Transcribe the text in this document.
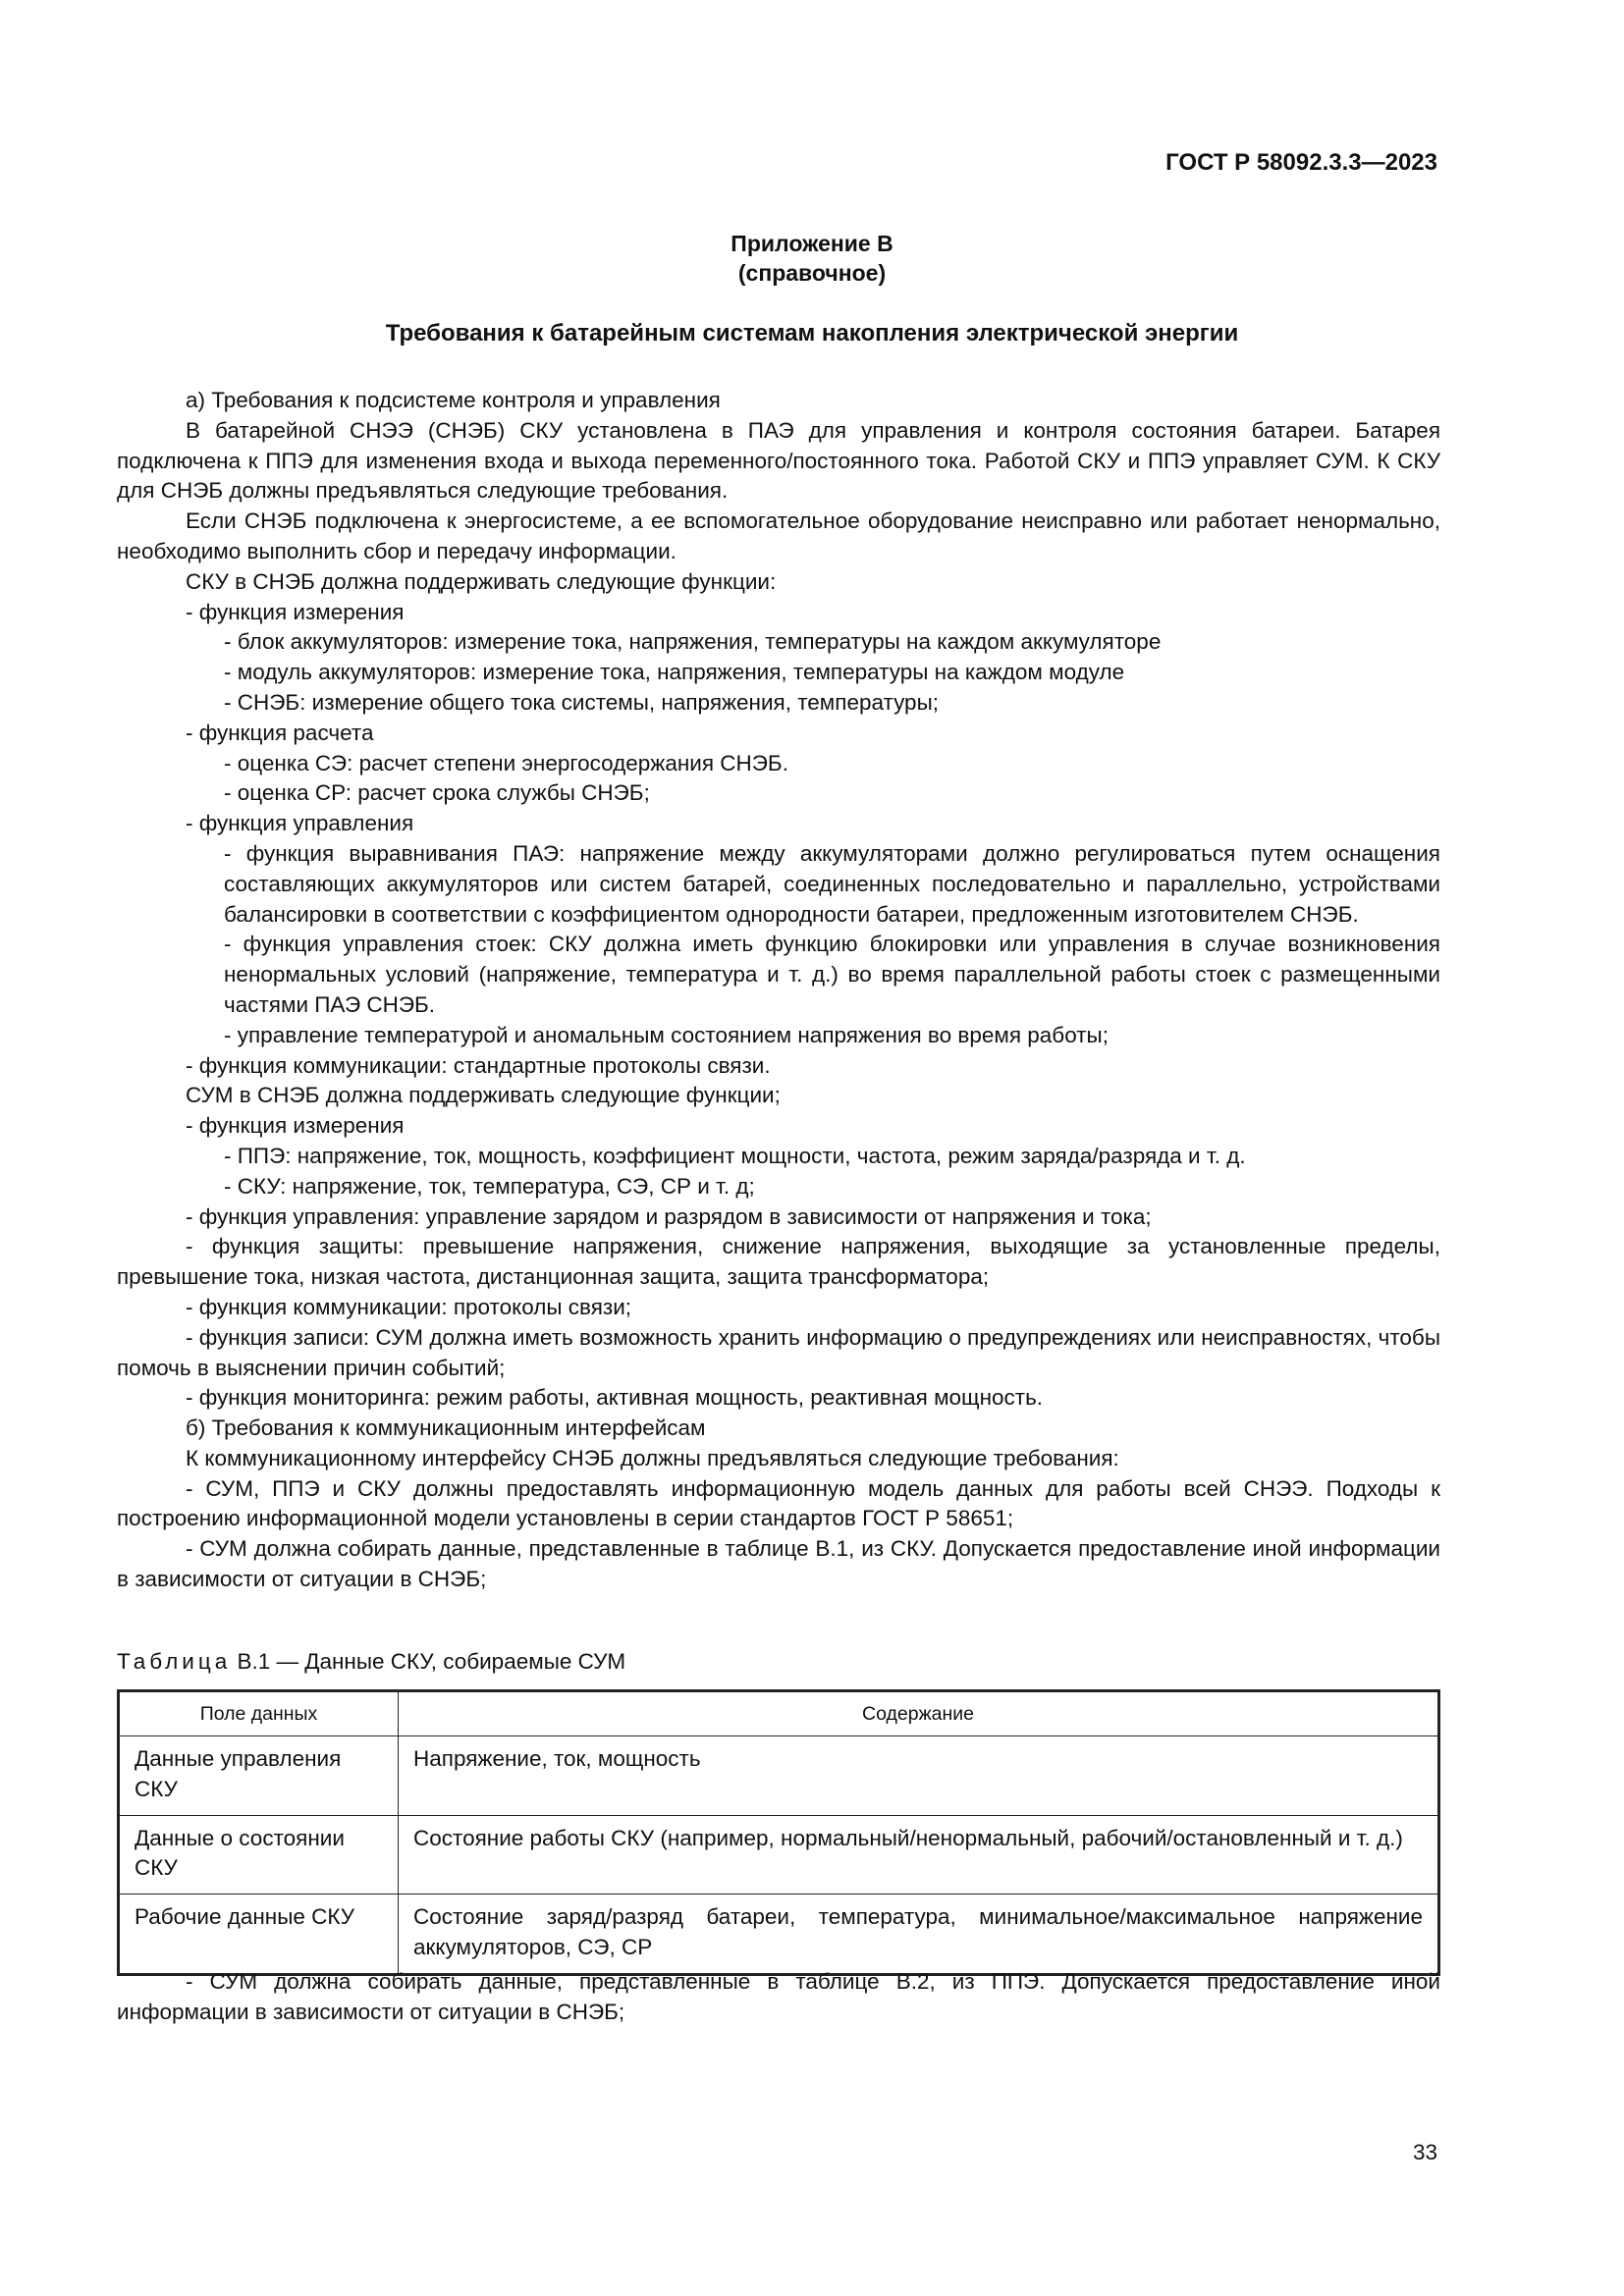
ГОСТ Р 58092.3.3—2023
Приложение В
(справочное)
Требования к батарейным системам накопления электрической энергии

а) Требования к подсистеме контроля и управления

В батарейной СНЭЭ (СНЭБ) СКУ установлена в ПАЭ для управления и контроля состояния батареи. Батарея подключена к ППЭ для изменения входа и выхода переменного/постоянного тока. Работой СКУ и ППЭ управляет СУМ. К СКУ для СНЭБ должны предъявляться следующие требования.

Если СНЭБ подключена к энергосистеме, а ее вспомогательное оборудование неисправно или работает ненормально, необходимо выполнить сбор и передачу информации.

СКУ в СНЭБ должна поддерживать следующие функции:

- функция измерения

- блок аккумуляторов: измерение тока, напряжения, температуры на каждом аккумуляторе

- модуль аккумуляторов: измерение тока, напряжения, температуры на каждом модуле

- СНЭБ: измерение общего тока системы, напряжения, температуры;

- функция расчета

- оценка СЭ: расчет степени энергосодержания СНЭБ.

- оценка СР: расчет срока службы СНЭБ;

- функция управления

- функция выравнивания ПАЭ: напряжение между аккумуляторами должно регулироваться путем оснащения составляющих аккумуляторов или систем батарей, соединенных последовательно и параллельно, устройствами балансировки в соответствии с коэффициентом однородности батареи, предложенным изготовителем СНЭБ.

- функция управления стоек: СКУ должна иметь функцию блокировки или управления в случае возникновения ненормальных условий (напряжение, температура и т. д.) во время параллельной работы стоек с размещенными частями ПАЭ СНЭБ.

- управление температурой и аномальным состоянием напряжения во время работы;

- функция коммуникации: стандартные протоколы связи.

СУМ в СНЭБ должна поддерживать следующие функции;

- функция измерения

- ППЭ: напряжение, ток, мощность, коэффициент мощности, частота, режим заряда/разряда и т. д.

- СКУ: напряжение, ток, температура, СЭ, СР и т. д;

- функция управления: управление зарядом и разрядом в зависимости от напряжения и тока;

- функция защиты: превышение напряжения, снижение напряжения, выходящие за установленные пределы, превышение тока, низкая частота, дистанционная защита, защита трансформатора;

- функция коммуникации: протоколы связи;

- функция записи: СУМ должна иметь возможность хранить информацию о предупреждениях или неисправностях, чтобы помочь в выяснении причин событий;

- функция мониторинга: режим работы, активная мощность, реактивная мощность.

б) Требования к коммуникационным интерфейсам

К коммуникационному интерфейсу СНЭБ должны предъявляться следующие требования:

- СУМ, ППЭ и СКУ должны предоставлять информационную модель данных для работы всей СНЭЭ. Подходы к построению информационной модели установлены в серии стандартов ГОСТ Р 58651;

- СУМ должна собирать данные, представленные в таблице В.1, из СКУ. Допускается предоставление иной информации в зависимости от ситуации в СНЭБ;

Таблица В.1 — Данные СКУ, собираемые СУМ
Поле данных	Содержание
Данные управления СКУ	Напряжение, ток, мощность
Данные о состоянии СКУ	Состояние работы СКУ (например, нормальный/ненормальный, рабочий/остановленный и т. д.)
Рабочие данные СКУ	Состояние заряд/разряд батареи, температура, минимальное/максимальное напряжение аккумуляторов, СЭ, СР

- СУМ должна собирать данные, представленные в таблице В.2, из ППЭ. Допускается предоставление иной информации в зависимости от ситуации в СНЭБ;

33
